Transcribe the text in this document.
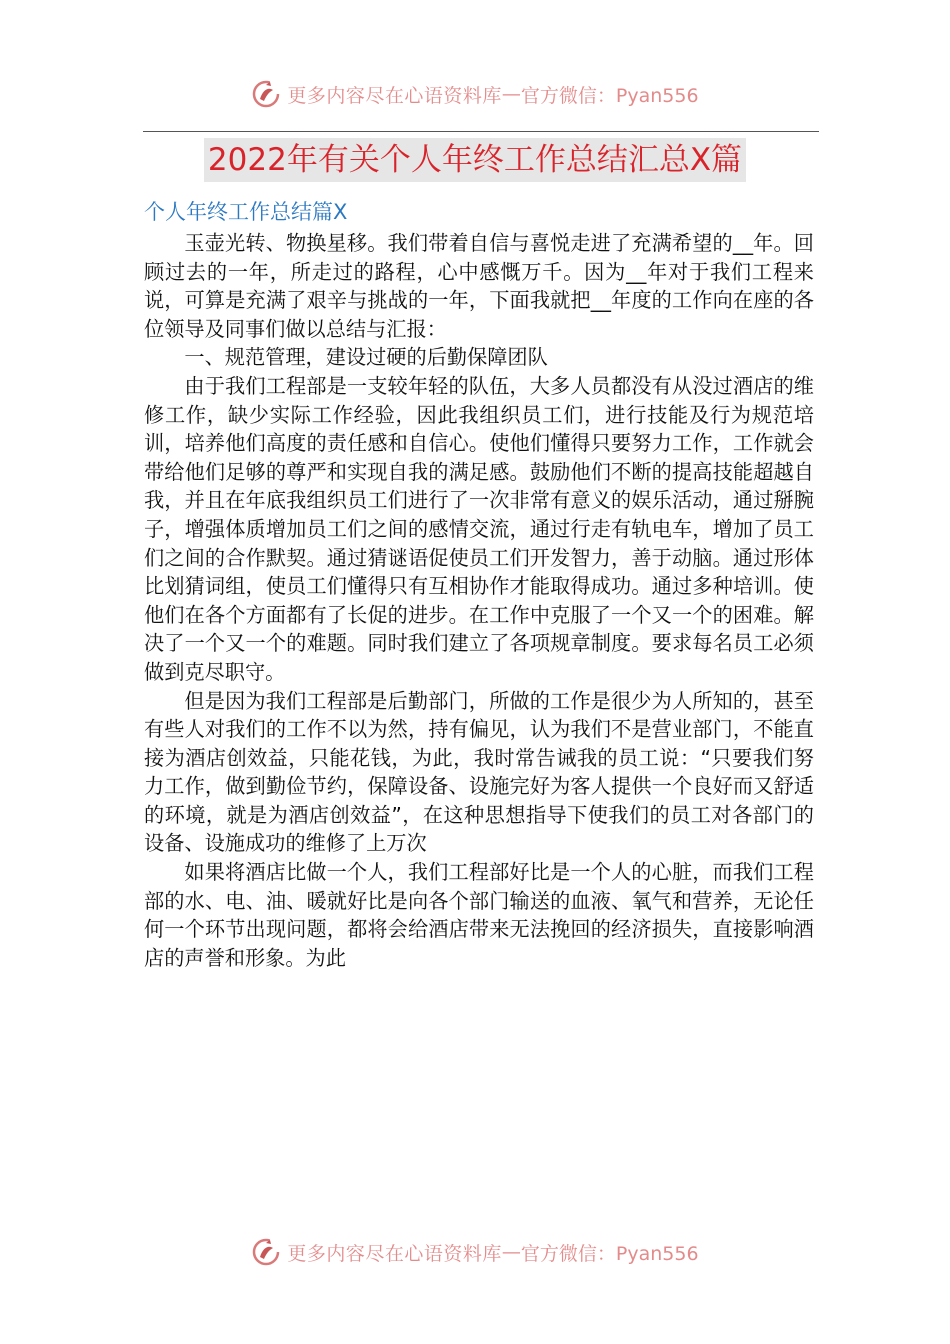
更多内容尽在心语资料库 — 官方微信：Pyan556
2022年有关个人年终工作总结汇总X篇
个人年终工作总结篇X

玉壶光转、物换星移。我们带着自信与喜悦走进了充满希望的__年。回顾过去的一年，所走过的路程，心中感慨万千。因为__年对于我们工程来说，可算是充满了艰辛与挑战的一年，下面我就把__年度的工作向在座的各位领导及同事们做以总结与汇报：

一、规范管理，建设过硬的后勤保障团队

由于我们工程部是一支较年轻的队伍，大多人员都没有从没过酒店的维修工作，缺少实际工作经验，因此我组织员工们，进行技能及行为规范培训，培养他们高度的责任感和自信心。使他们懂得只要努力工作，工作就会带给他们足够的尊严和实现自我的满足感。鼓励他们不断的提高技能超越自我，并且在年底我组织员工们进行了一次非常有意义的娱乐活动，通过掰腕子，增强体质增加员工们之间的感情交流，通过行走有轨电车，增加了员工们之间的合作默契。通过猜谜语促使员工们开发智力，善于动脑。通过形体比划猜词组，使员工们懂得只有互相协作才能取得成功。通过多种培训。使他们在各个方面都有了长促的进步。在工作中克服了一个又一个的困难。解决了一个又一个的难题。同时我们建立了各项规章制度。要求每名员工必须做到克尽职守。

但是因为我们工程部是后勤部门，所做的工作是很少为人所知的，甚至有些人对我们的工作不以为然，持有偏见，认为我们不是营业部门，不能直接为酒店创效益，只能花钱，为此，我时常告诫我的员工说：“只要我们努力工作，做到勤俭节约，保障设备、设施完好为客人提供一个良好而又舒适的环境，就是为酒店创效益”，在这种思想指导下使我们的员工对各部门的设备、设施成功的维修了上万次

如果将酒店比做一个人，我们工程部好比是一个人的心脏，而我们工程部的水、电、油、暖就好比是向各个部门输送的血液、氧气和营养，无论任何一个环节出现问题，都将会给酒店带来无法挽回的经济损失，直接影响酒店的声誉和形象。为此

更多内容尽在心语资料库 — 官方微信：Pyan556
